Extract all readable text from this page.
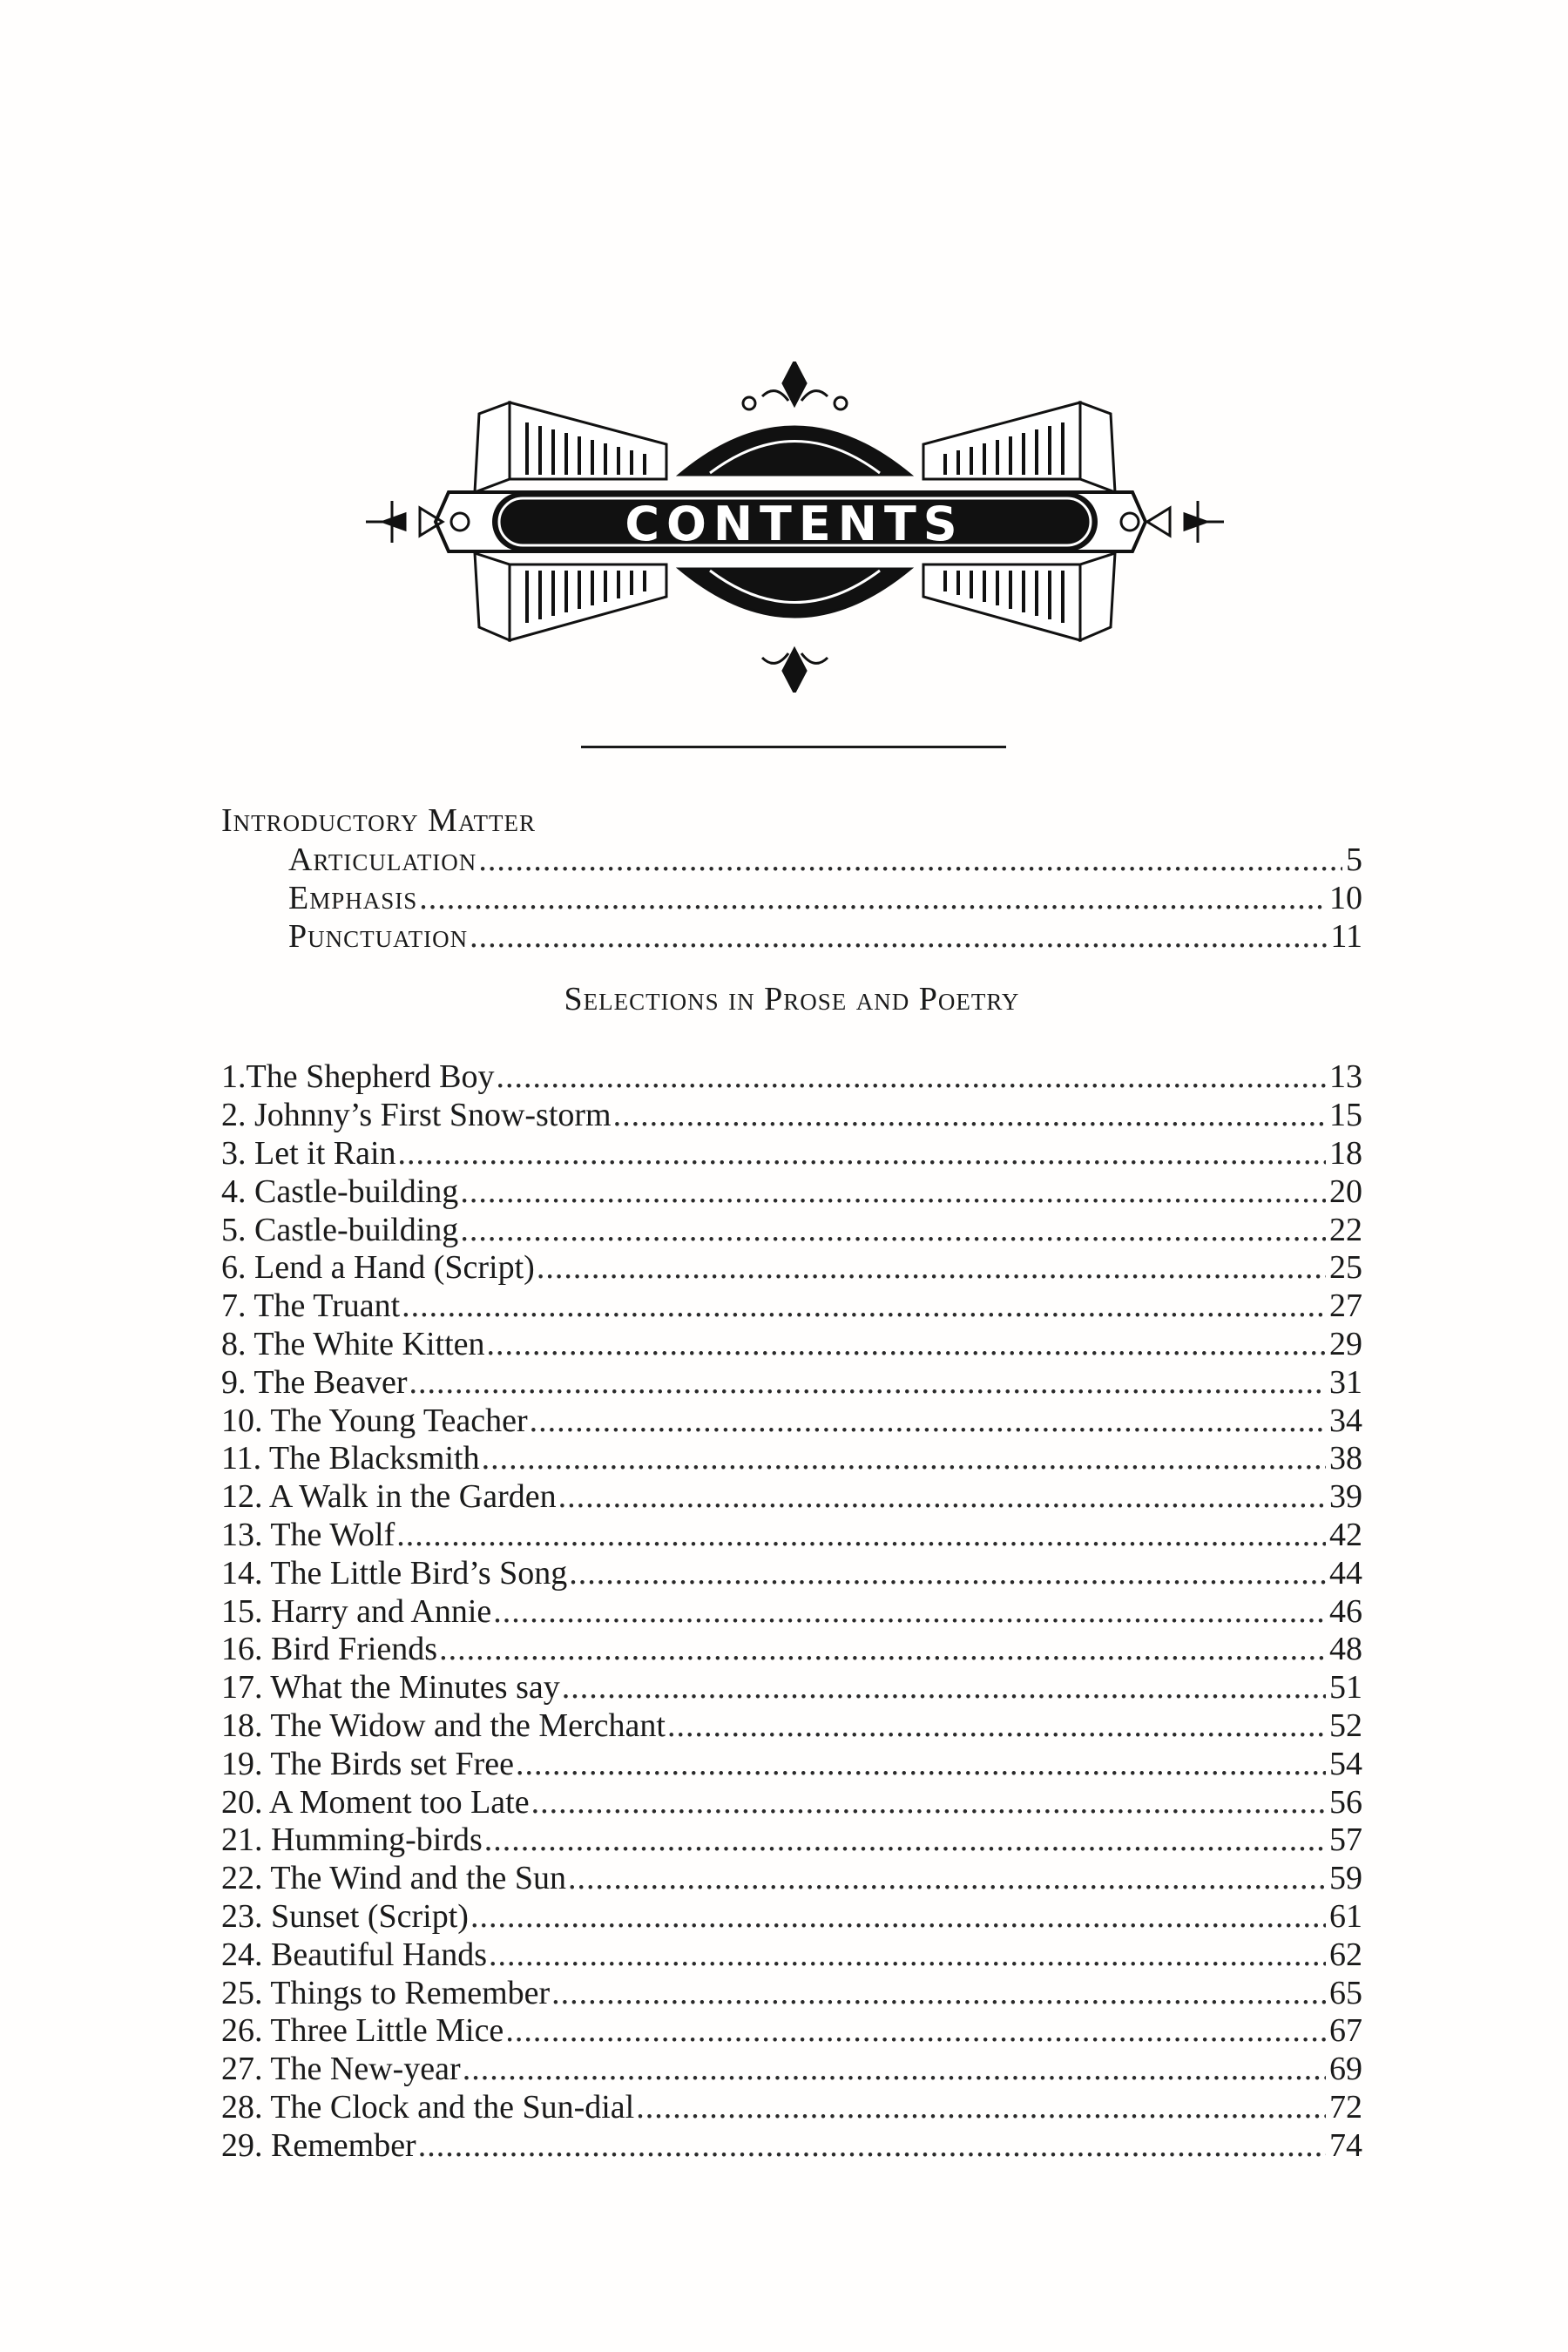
CONTENTS
Introductory Matter
Articulation .....	5
Emphasis .....	10
Punctuation .....	11
Selections in Prose and Poetry
1.The Shepherd Boy .....	13
2. Johnny’s First Snow-storm .....	15
3. Let it Rain .....	18
4. Castle-building .....	20
5. Castle-building .....	22
6. Lend a Hand (Script) .....	25
7. The Truant .....	27
8. The White Kitten .....	29
9. The Beaver .....	31
10. The Young Teacher .....	34
11. The Blacksmith .....	38
12. A Walk in the Garden .....	39
13. The Wolf .....	42
14. The Little Bird’s Song .....	44
15. Harry and Annie .....	46
16. Bird Friends .....	48
17. What the Minutes say .....	51
18. The Widow and the Merchant .....	52
19. The Birds set Free .....	54
20. A Moment too Late .....	56
21. Humming-birds .....	57
22. The Wind and the Sun .....	59
23. Sunset (Script) .....	61
24. Beautiful Hands .....	62
25. Things to Remember .....	65
26. Three Little Mice .....	67
27. The New-year .....	69
28. The Clock and the Sun-dial .....	72
29. Remember .....	74
